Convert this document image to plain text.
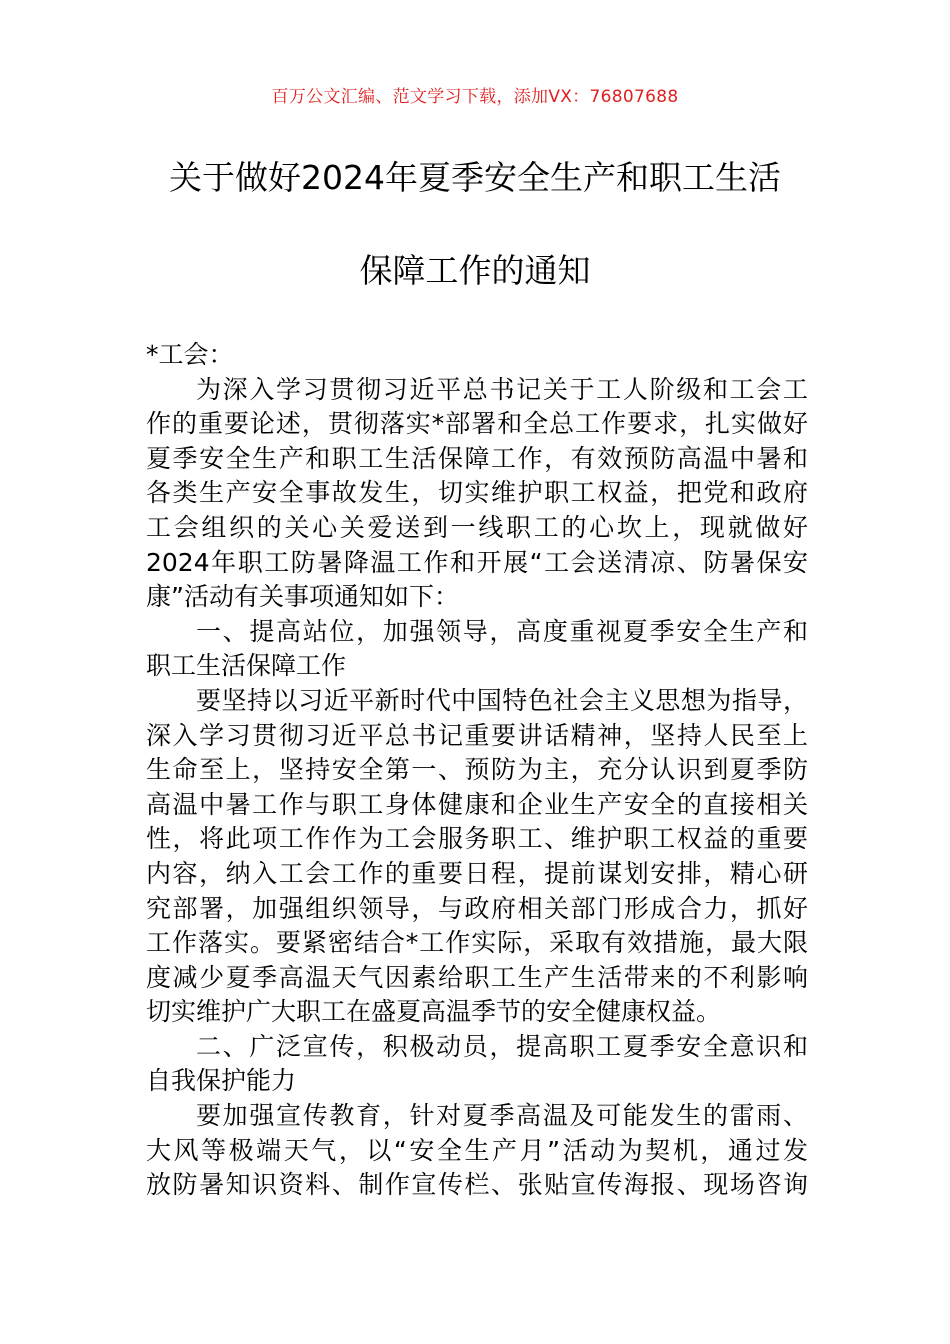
百万公文汇编、范文学习下载，添加VX：76807688
关于做好2024年夏季安全生产和职工生活
保障工作的通知
*工会：
为深入学习贯彻习近平总书记关于工人阶级和工会工
作的重要论述，贯彻落实*部署和全总工作要求，扎实做好
夏季安全生产和职工生活保障工作，有效预防高温中暑和
各类生产安全事故发生，切实维护职工权益，把党和政府
工会组织的关心关爱送到一线职工的心坎上，现就做好
2024年职工防暑降温工作和开展“工会送清凉、防暑保安
康”活动有关事项通知如下：
一、提高站位，加强领导，高度重视夏季安全生产和
职工生活保障工作
要坚持以习近平新时代中国特色社会主义思想为指导，
深入学习贯彻习近平总书记重要讲话精神，坚持人民至上
生命至上，坚持安全第一、预防为主，充分认识到夏季防
高温中暑工作与职工身体健康和企业生产安全的直接相关
性，将此项工作作为工会服务职工、维护职工权益的重要
内容，纳入工会工作的重要日程，提前谋划安排，精心研
究部署，加强组织领导，与政府相关部门形成合力，抓好
工作落实。要紧密结合*工作实际，采取有效措施，最大限
度减少夏季高温天气因素给职工生产生活带来的不利影响
切实维护广大职工在盛夏高温季节的安全健康权益。
二、广泛宣传，积极动员，提高职工夏季安全意识和
自我保护能力
要加强宣传教育，针对夏季高温及可能发生的雷雨、
大风等极端天气，以“安全生产月”活动为契机，通过发
放防暑知识资料、制作宣传栏、张贴宣传海报、现场咨询
